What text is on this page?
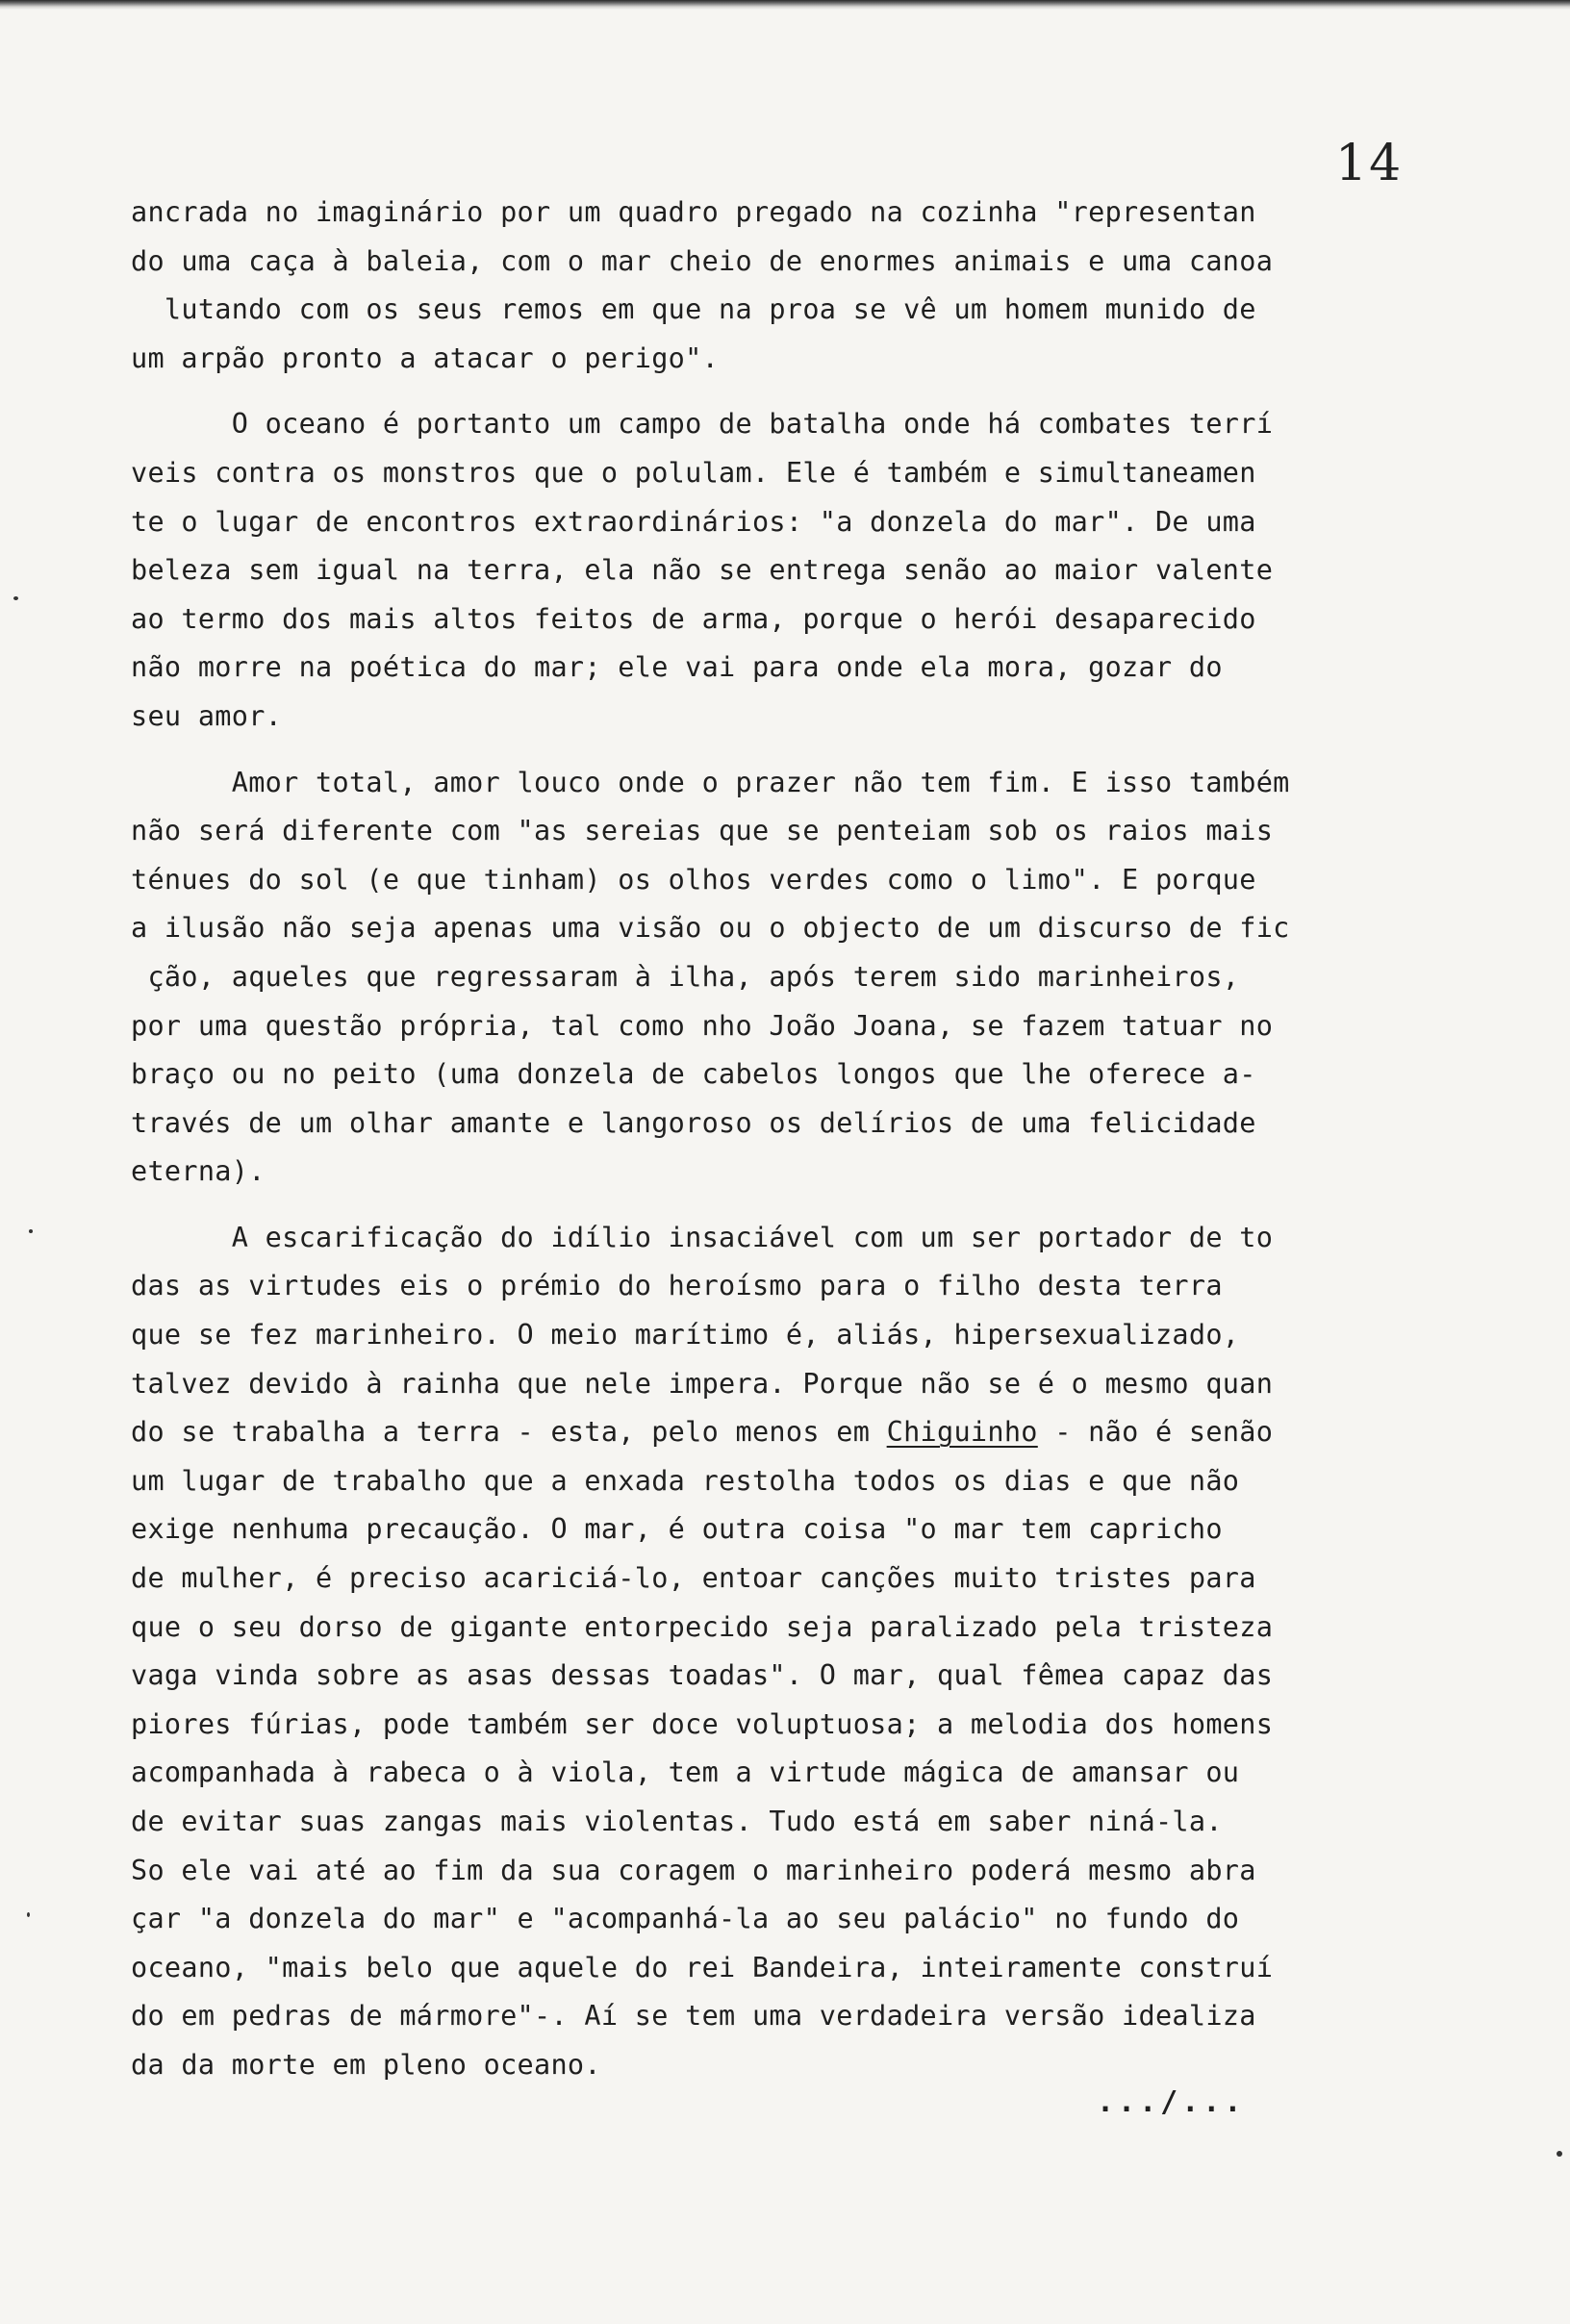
14
ancrada no imaginário por um quadro pregado na cozinha "representan
do uma caça à baleia, com o mar cheio de enormes animais e uma canoa
lutando com os seus remos em que na proa se vê um homem munido de
um arpão pronto a atacar o perigo".
O oceano é portanto um campo de batalha onde há combates terrí
veis contra os monstros que o polulam. Ele é também e simultaneamen
te o lugar de encontros extraordinários: "a donzela do mar". De uma
beleza sem igual na terra, ela não se entrega senão ao maior valente
ao termo dos mais altos feitos de arma, porque o herói desaparecido
não morre na poética do mar; ele vai para onde ela mora, gozar do
seu amor.
Amor total, amor louco onde o prazer não tem fim. E isso também
não será diferente com "as sereias que se penteiam sob os raios mais
ténues do sol (e que tinham) os olhos verdes como o limo". E porque
a ilusão não seja apenas uma visão ou o objecto de um discurso de fic
ção, aqueles que regressaram à ilha, após terem sido marinheiros,
por uma questão própria, tal como nho João Joana, se fazem tatuar no
braço ou no peito (uma donzela de cabelos longos que lhe oferece a-
través de um olhar amante e langoroso os delírios de uma felicidade
eterna).
A escarificação do idílio insaciável com um ser portador de to
das as virtudes eis o prémio do heroísmo para o filho desta terra
que se fez marinheiro. O meio marítimo é, aliás, hipersexualizado,
talvez devido à rainha que nele impera. Porque não se é o mesmo quan
do se trabalha a terra - esta, pelo menos em Chiguinho - não é senão
um lugar de trabalho que a enxada restolha todos os dias e que não
exige nenhuma precaução. O mar, é outra coisa "o mar tem capricho
de mulher, é preciso acariciá-lo, entoar canções muito tristes para
que o seu dorso de gigante entorpecido seja paralizado pela tristeza
vaga vinda sobre as asas dessas toadas". O mar, qual fêmea capaz das
piores fúrias, pode também ser doce voluptuosa; a melodia dos homens
acompanhada à rabeca o à viola, tem a virtude mágica de amansar ou
de evitar suas zangas mais violentas. Tudo está em saber niná-la.
So ele vai até ao fim da sua coragem o marinheiro poderá mesmo abra
çar "a donzela do mar" e "acompanhá-la ao seu palácio" no fundo do
oceano, "mais belo que aquele do rei Bandeira, inteiramente construí
do em pedras de mármore"-. Aí se tem uma verdadeira versão idealiza
da da morte em pleno oceano.
.../...
